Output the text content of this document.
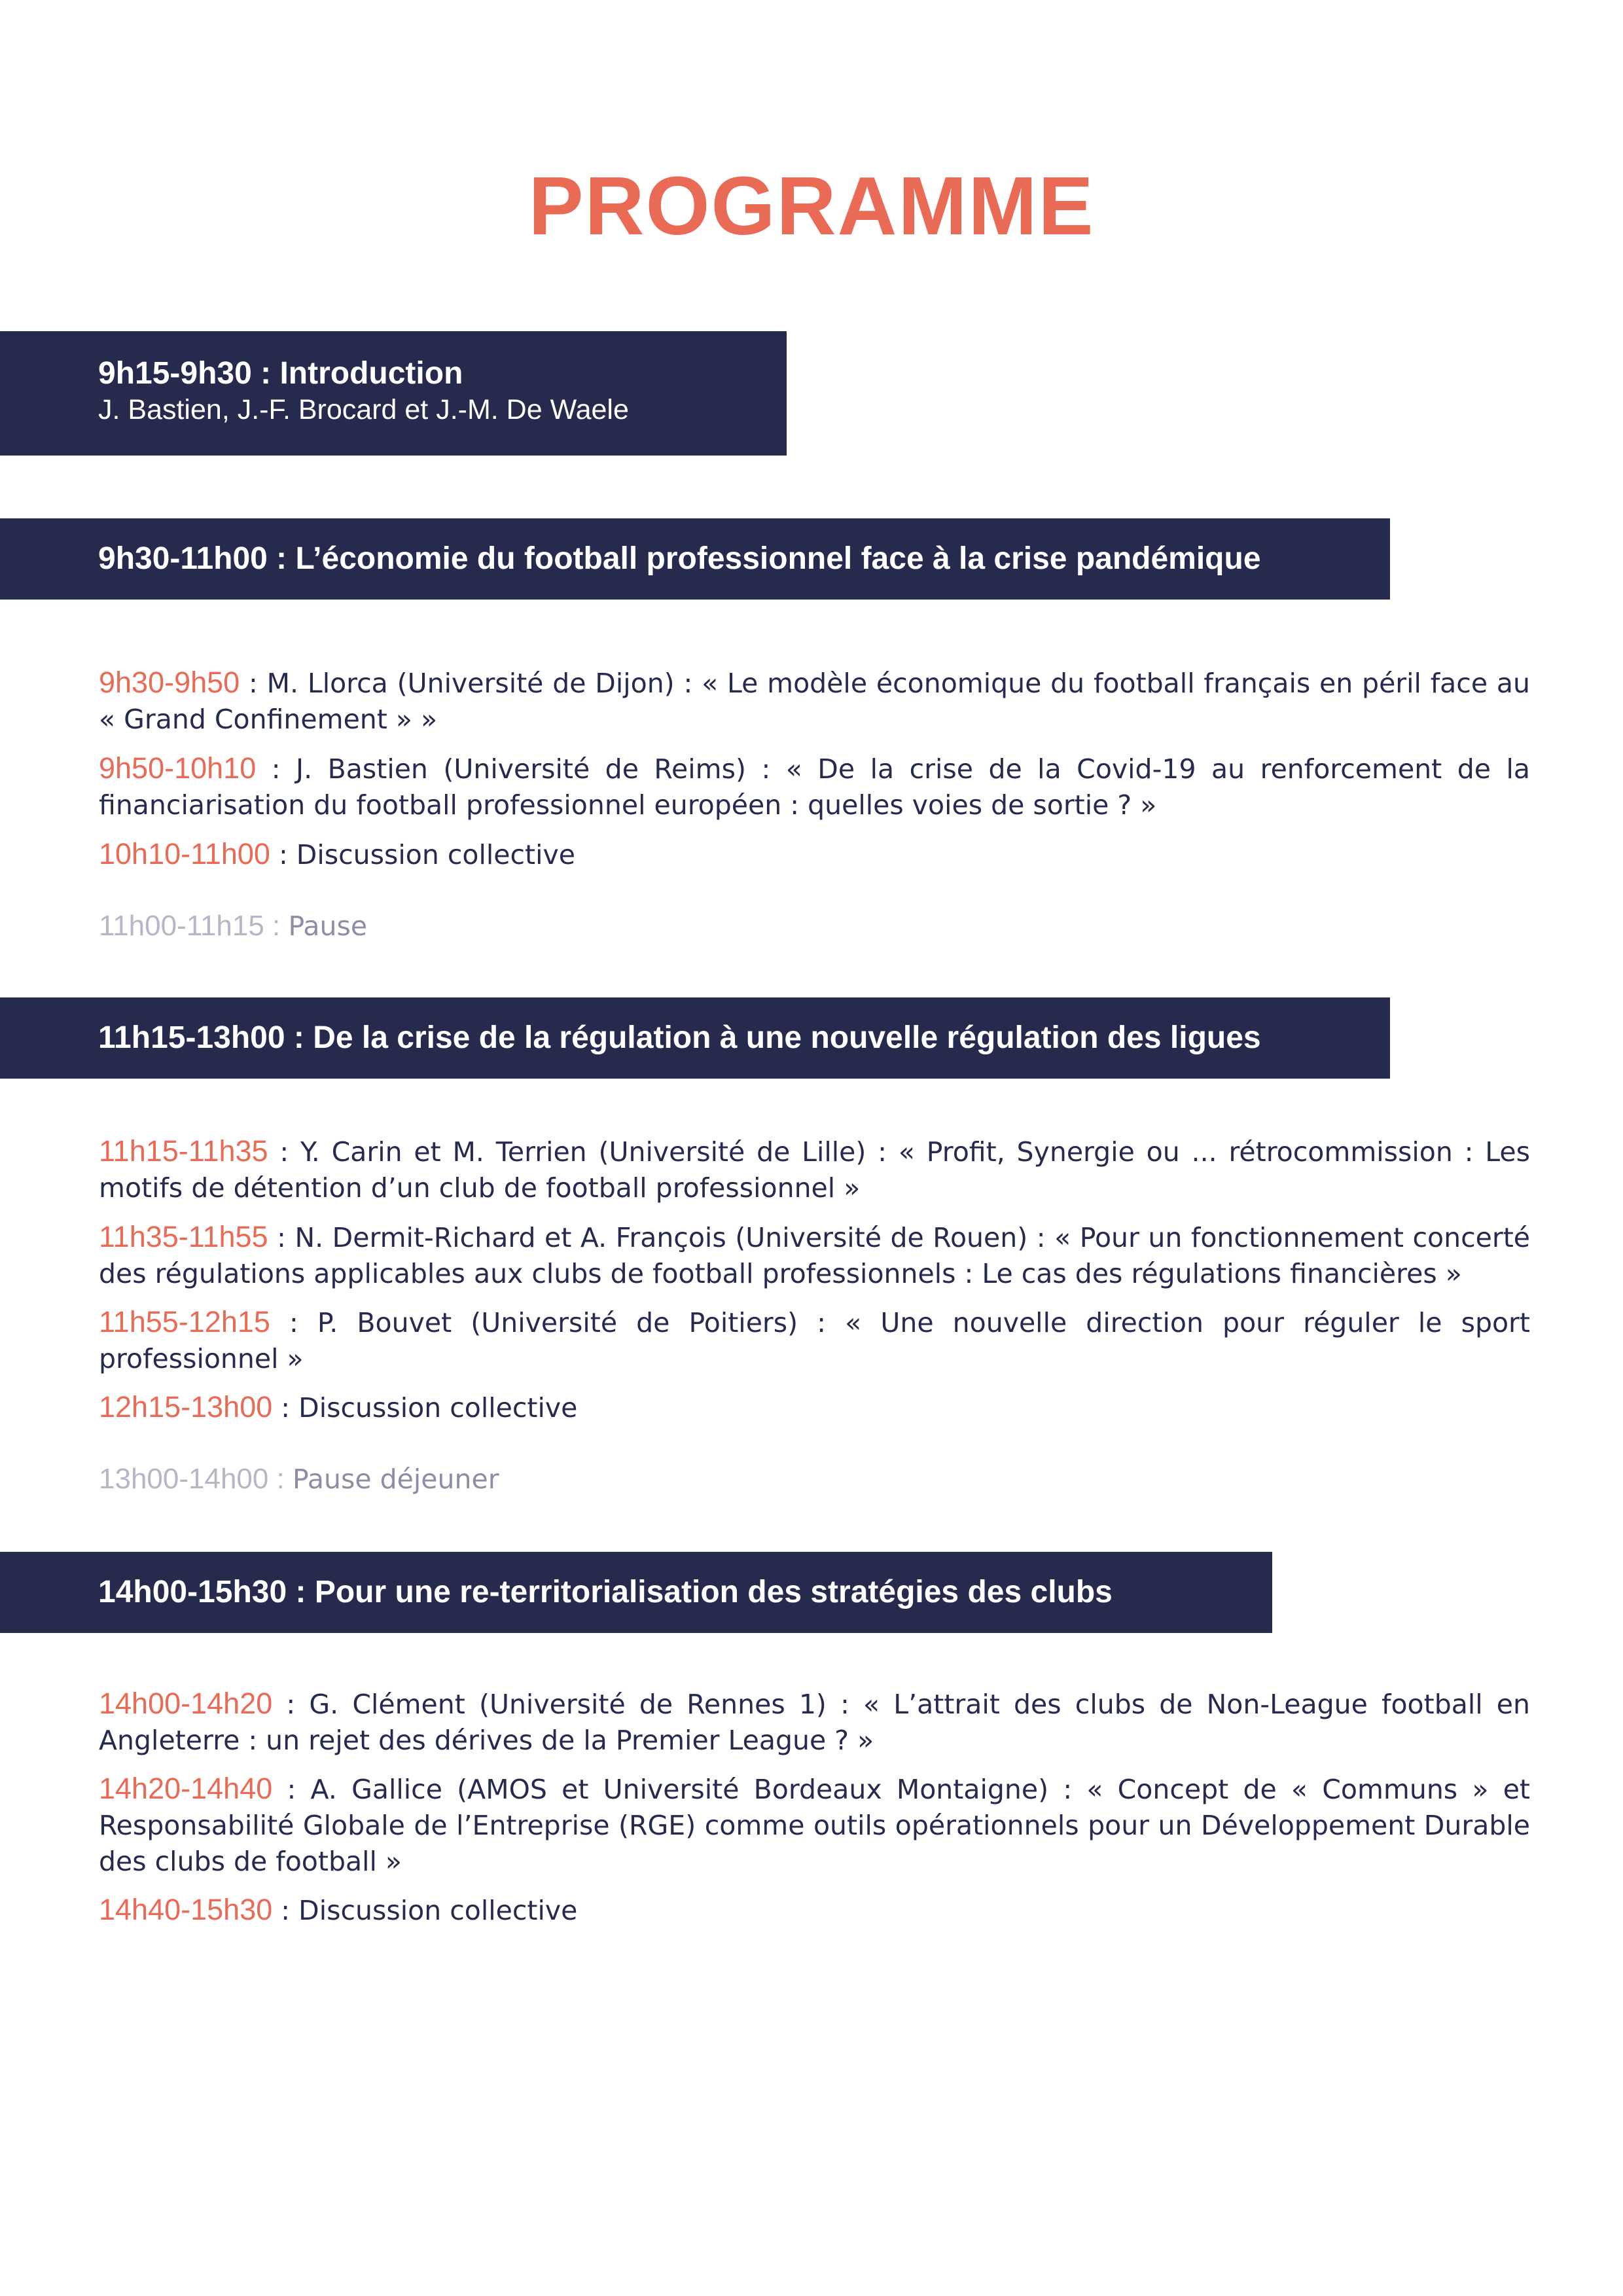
PROGRAMME
9h15-9h30 : Introduction
J. Bastien, J.-F. Brocard et J.-M. De Waele
9h30-11h00 : L’économie du football professionnel face à la crise pandémique

9h30-9h50 : M. Llorca (Université de Dijon) : « Le modèle économique du football français en péril face au « Grand Confinement » »

9h50-10h10 : J. Bastien (Université de Reims) : « De la crise de la Covid-19 au renforcement de la financiarisation du football professionnel européen : quelles voies de sortie ? »

10h10-11h00 : Discussion collective

11h00-11h15 : Pause
11h15-13h00 : De la crise de la régulation à une nouvelle régulation des ligues

11h15-11h35 : Y. Carin et M. Terrien (Université de Lille) : « Profit, Synergie ou ... rétrocommission : Les motifs de détention d’un club de football professionnel »

11h35-11h55 : N. Dermit-Richard et A. François (Université de Rouen) : « Pour un fonctionnement concerté des régulations applicables aux clubs de football professionnels : Le cas des régulations financières »

11h55-12h15 : P. Bouvet (Université de Poitiers) : « Une nouvelle direction pour réguler le sport professionnel »

12h15-13h00 : Discussion collective

13h00-14h00 : Pause déjeuner
14h00-15h30 : Pour une re-territorialisation des stratégies des clubs

14h00-14h20 : G. Clément (Université de Rennes 1) : « L’attrait des clubs de Non-League football en Angleterre : un rejet des dérives de la Premier League ? »

14h20-14h40 : A. Gallice (AMOS et Université Bordeaux Montaigne) : « Concept de « Communs » et Responsabilité Globale de l’Entreprise (RGE) comme outils opérationnels pour un Développement Durable des clubs de football »

14h40-15h30 : Discussion collective
